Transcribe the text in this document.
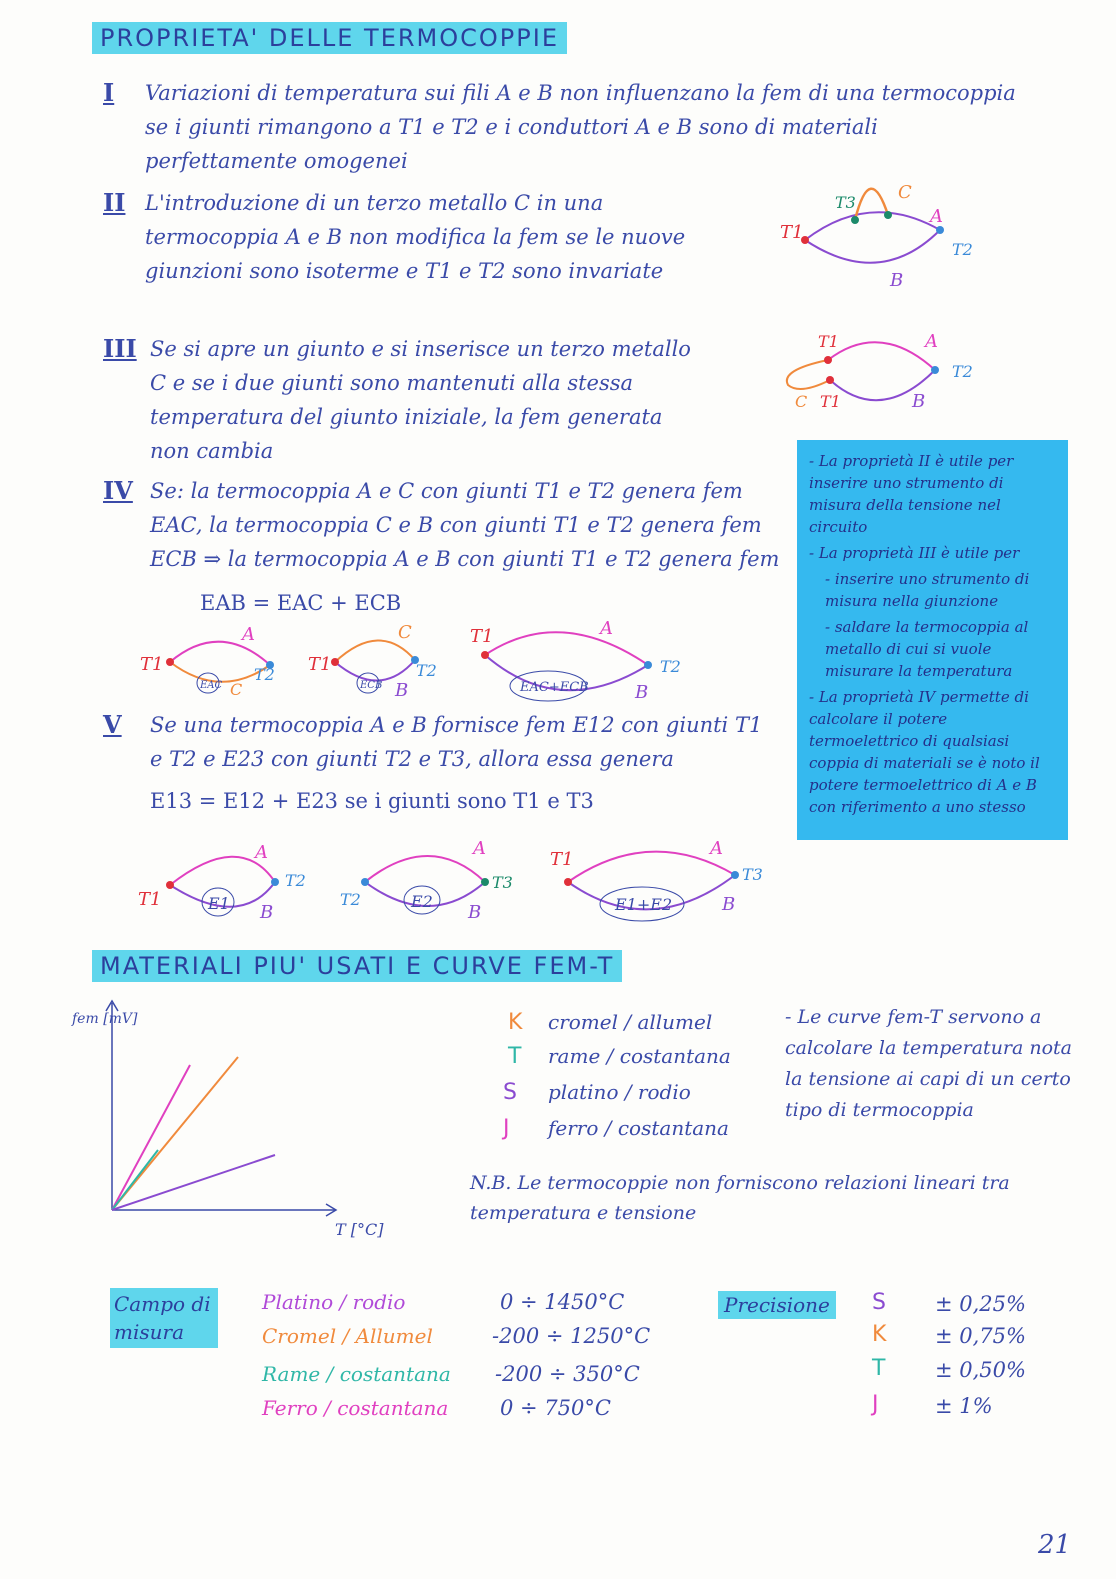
PROPRIETA' DELLE TERMOCOPPIE
I Variazioni di temperatura sui fili A e B non influenzano la fem di una termocoppia se i giunti rimangono a T1 e T2 e i conduttori A e B sono di materiali perfettamente omogenei
II L'introduzione di un terzo metallo C in una termocoppia A e B non modifica la fem se le nuove giunzioni sono isoterme e T1 e T2 sono invariate
III Se si apre un giunto e si inserisce un terzo metallo C e se i due giunti sono mantenuti alla stessa temperatura del giunto iniziale, la fem generata non cambia
IV Se: la termocoppia A e C con giunti T1 e T2 genera fem EAC, la termocoppia C e B con giunti T1 e T2 genera fem ECB ⇒ la termocoppia A e B con giunti T1 e T2 genera fem
EAB = EAC + ECB
T1
T3 C
A
T2
B
T1
T1
C
A
T2
B

- La proprietà II è utile per inserire uno strumento di misura della tensione nel circuito

- La proprietà III è utile per

- inserire uno strumento di misura nella giunzione

- saldare la termocoppia al metallo di cui si vuole misurare la temperatura

- La proprietà IV permette di calcolare il potere termoelettrico di qualsiasi coppia di materiali se è noto il potere termoelettrico di A e B con riferimento a uno stesso

EAC
T1
A
T2
C	ECB
T1
C
T2
B	EAC+ECB
T1	A
T2
B
V Se una termocoppia A e B fornisce fem E12 con giunti T1 e T2 e E23 con giunti T2 e T3, allora essa genera
E13 = E12 + E23 se i giunti sono T1 e T3
E1
T1
A
T2
B
E2
T2
A
T3
B	E1+E2
T1
A
T3
B
MATERIALI PIU' USATI E CURVE FEM-T
fem [mV]
T [°C]
K cromel / allumel
T rame / costantana
S platino / rodio
J ferro / costantana
- Le curve fem-T servono a calcolare la temperatura nota la tensione ai capi di un certo tipo di termocoppia
N.B. Le termocoppie non forniscono relazioni lineari tra temperatura e tensione
Campo di misura
Platino / rodio	0 ÷ 1450°C
Cromel / Allumel	-200 ÷ 1250°C
Rame / costantana -200 ÷ 350°C
Ferro / costantana 0 ÷ 750°C
Precisione S ± 0,25%
K ± 0,75%
T ± 0,50%
J	± 1%
21
